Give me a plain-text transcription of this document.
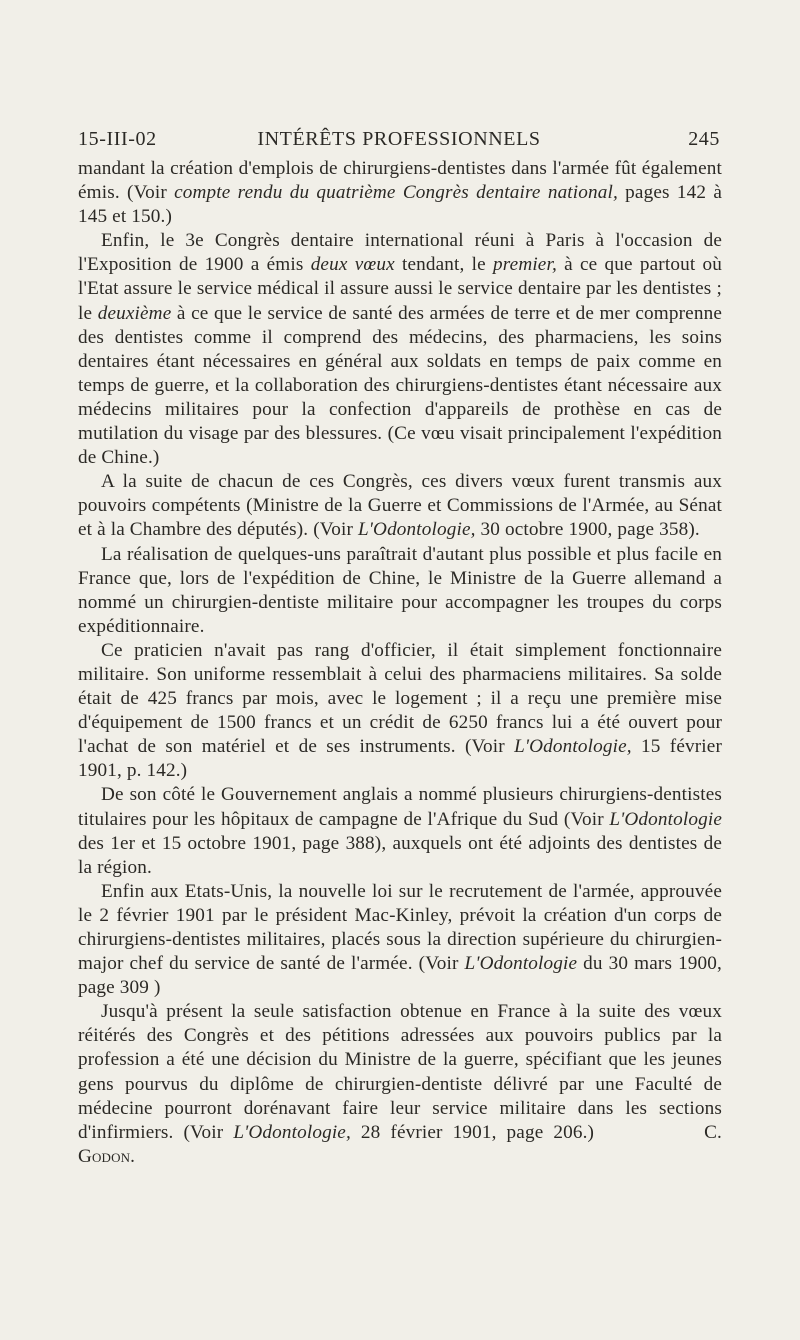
15-III-02	INTÉRÊTS PROFESSIONNELS	245

mandant la création d'emplois de chirurgiens-dentistes dans l'armée fût également émis. (Voir compte rendu du quatrième Congrès dentaire national, pages 142 à 145 et 150.)

Enfin, le 3e Congrès dentaire international réuni à Paris à l'occasion de l'Exposition de 1900 a émis deux vœux tendant, le premier, à ce que partout où l'Etat assure le service médical il assure aussi le service dentaire par les dentistes ; le deuxième à ce que le service de santé des armées de terre et de mer comprenne des dentistes comme il comprend des médecins, des pharmaciens, les soins dentaires étant nécessaires en général aux soldats en temps de paix comme en temps de guerre, et la collaboration des chirurgiens-dentistes étant nécessaire aux médecins militaires pour la confection d'appareils de prothèse en cas de mutilation du visage par des blessures. (Ce vœu visait principalement l'expédition de Chine.)

A la suite de chacun de ces Congrès, ces divers vœux furent transmis aux pouvoirs compétents (Ministre de la Guerre et Commissions de l'Armée, au Sénat et à la Chambre des députés). (Voir L'Odontologie, 30 octobre 1900, page 358).

La réalisation de quelques-uns paraîtrait d'autant plus possible et plus facile en France que, lors de l'expédition de Chine, le Ministre de la Guerre allemand a nommé un chirurgien-dentiste militaire pour accompagner les troupes du corps expéditionnaire.

Ce praticien n'avait pas rang d'officier, il était simplement fonctionnaire militaire. Son uniforme ressemblait à celui des pharmaciens militaires. Sa solde était de 425 francs par mois, avec le logement ; il a reçu une première mise d'équipement de 1500 francs et un crédit de 6250 francs lui a été ouvert pour l'achat de son matériel et de ses instruments. (Voir L'Odontologie, 15 février 1901, p. 142.)

De son côté le Gouvernement anglais a nommé plusieurs chirurgiens-dentistes titulaires pour les hôpitaux de campagne de l'Afrique du Sud (Voir L'Odontologie des 1er et 15 octobre 1901, page 388), auxquels ont été adjoints des dentistes de la région.

Enfin aux Etats-Unis, la nouvelle loi sur le recrutement de l'armée, approuvée le 2 février 1901 par le président Mac-Kinley, prévoit la création d'un corps de chirurgiens-dentistes militaires, placés sous la direction supérieure du chirurgien-major chef du service de santé de l'armée. (Voir L'Odontologie du 30 mars 1900, page 309 )

Jusqu'à présent la seule satisfaction obtenue en France à la suite des vœux réitérés des Congrès et des pétitions adressées aux pouvoirs publics par la profession a été une décision du Ministre de la guerre, spécifiant que les jeunes gens pourvus du diplôme de chirurgien-dentiste délivré par une Faculté de médecine pourront dorénavant faire leur service militaire dans les sections d'infirmiers. (Voir L'Odontologie, 28 février 1901, page 206.)	C. Godon.
